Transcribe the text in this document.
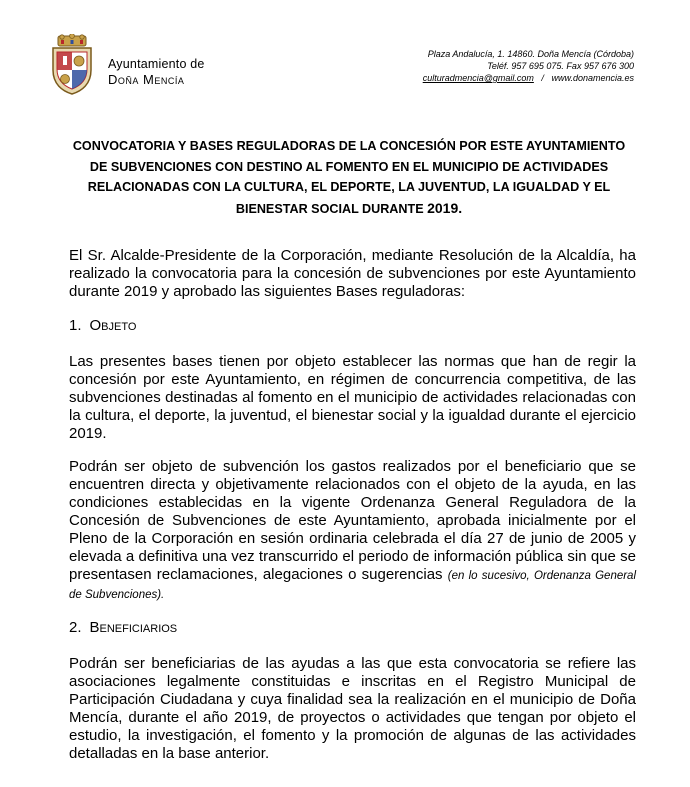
Ayuntamiento de
Doña Mencía
Plaza Andalucía, 1. 14860. Doña Mencía (Córdoba)
Teléf. 957 695 075. Fax 957 676 300
culturadmencia@gmail.com / www.donamencia.es
CONVOCATORIA Y BASES REGULADORAS DE LA CONCESIÓN POR ESTE AYUNTAMIENTO DE SUBVENCIONES CON DESTINO AL FOMENTO EN EL MUNICIPIO DE ACTIVIDADES RELACIONADAS CON LA CULTURA, EL DEPORTE, LA JUVENTUD, LA IGUALDAD Y EL BIENESTAR SOCIAL DURANTE 2019.

El Sr. Alcalde-Presidente de la Corporación, mediante Resolución de la Alcaldía, ha realizado la convocatoria para la concesión de subvenciones por este Ayuntamiento durante 2019 y aprobado las siguientes Bases reguladoras:

1. Objeto

Las presentes bases tienen por objeto establecer las normas que han de regir la concesión por este Ayuntamiento, en régimen de concurrencia competitiva, de las subvenciones destinadas al fomento en el municipio de actividades relacionadas con la cultura, el deporte, la juventud, el bienestar social y la igualdad durante el ejercicio 2019.

Podrán ser objeto de subvención los gastos realizados por el beneficiario que se encuentren directa y objetivamente relacionados con el objeto de la ayuda, en las condiciones establecidas en la vigente Ordenanza General Reguladora de la Concesión de Subvenciones de este Ayuntamiento, aprobada inicialmente por el Pleno de la Corporación en sesión ordinaria celebrada el día 27 de junio de 2005 y elevada a definitiva una vez transcurrido el periodo de información pública sin que se presentasen reclamaciones, alegaciones o sugerencias (en lo sucesivo, Ordenanza General de Subvenciones).

2. Beneficiarios

Podrán ser beneficiarias de las ayudas a las que esta convocatoria se refiere las asociaciones legalmente constituidas e inscritas en el Registro Municipal de Participación Ciudadana y cuya finalidad sea la realización en el municipio de Doña Mencía, durante el año 2019, de proyectos o actividades que tengan por objeto el estudio, la investigación, el fomento y la promoción de algunas de las actividades detalladas en la base anterior.
